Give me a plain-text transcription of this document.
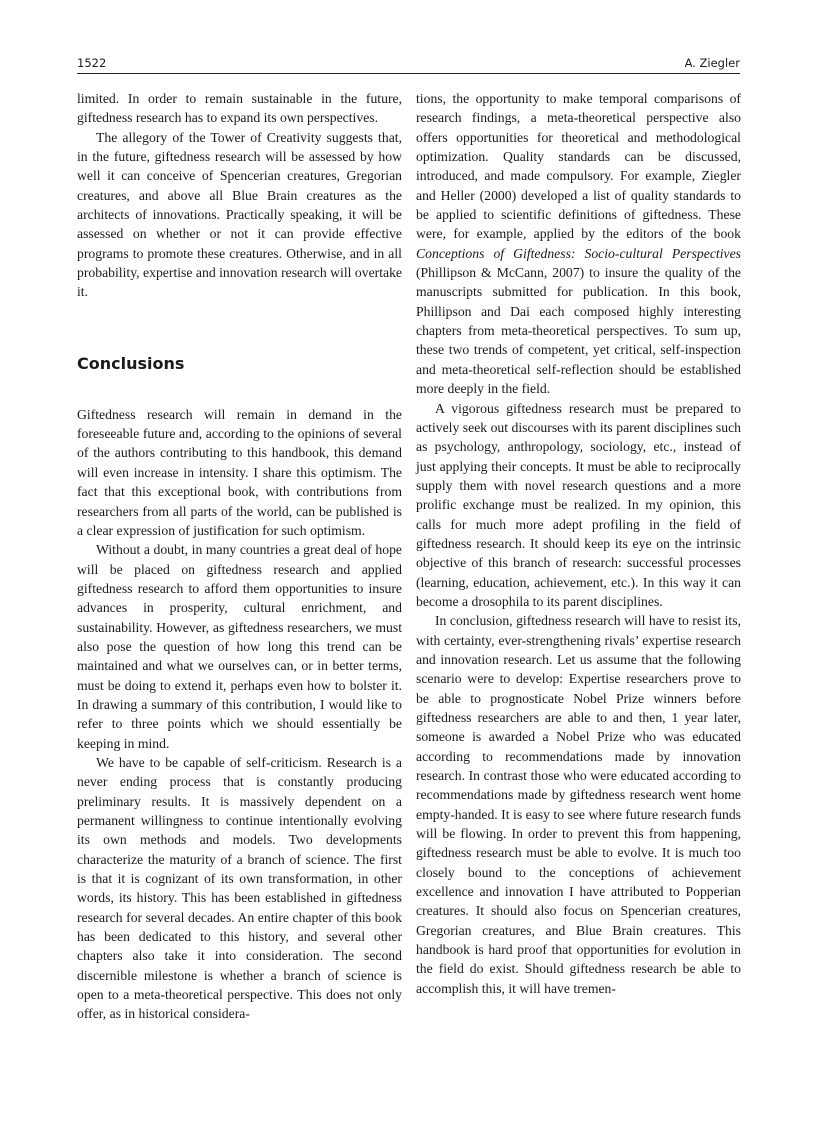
1522	A. Ziegler

limited. In order to remain sustainable in the future, giftedness research has to expand its own perspectives.

The allegory of the Tower of Creativity suggests that, in the future, giftedness research will be assessed by how well it can conceive of Spencerian creatures, Gregorian creatures, and above all Blue Brain creatures as the architects of innovations. Practically speaking, it will be assessed on whether or not it can provide effective programs to promote these creatures. Otherwise, and in all probability, expertise and innovation research will overtake it.

Conclusions

Giftedness research will remain in demand in the foreseeable future and, according to the opinions of several of the authors contributing to this handbook, this demand will even increase in intensity. I share this optimism. The fact that this exceptional book, with contributions from researchers from all parts of the world, can be published is a clear expression of justification for such optimism.

Without a doubt, in many countries a great deal of hope will be placed on giftedness research and applied giftedness research to afford them opportunities to insure advances in prosperity, cultural enrichment, and sustainability. However, as giftedness researchers, we must also pose the question of how long this trend can be maintained and what we ourselves can, or in better terms, must be doing to extend it, perhaps even how to bolster it. In drawing a summary of this contribution, I would like to refer to three points which we should essentially be keeping in mind.

We have to be capable of self-criticism. Research is a never ending process that is constantly producing preliminary results. It is massively dependent on a permanent willingness to continue intentionally evolving its own methods and models. Two developments characterize the maturity of a branch of science. The first is that it is cognizant of its own transformation, in other words, its history. This has been established in giftedness research for several decades. An entire chapter of this book has been dedicated to this history, and several other chapters also take it into consideration. The second discernible milestone is whether a branch of science is open to a meta-theoretical perspective. This does not only offer, as in historical considera-

tions, the opportunity to make temporal comparisons of research findings, a meta-theoretical perspective also offers opportunities for theoretical and methodological optimization. Quality standards can be discussed, introduced, and made compulsory. For example, Ziegler and Heller (2000) developed a list of quality standards to be applied to scientific definitions of giftedness. These were, for example, applied by the editors of the book Conceptions of Giftedness: Socio-cultural Perspectives (Phillipson & McCann, 2007) to insure the quality of the manuscripts submitted for publication. In this book, Phillipson and Dai each composed highly interesting chapters from meta-theoretical perspectives. To sum up, these two trends of competent, yet critical, self-inspection and meta-theoretical self-reflection should be established more deeply in the field.

A vigorous giftedness research must be prepared to actively seek out discourses with its parent disciplines such as psychology, anthropology, sociology, etc., instead of just applying their concepts. It must be able to reciprocally supply them with novel research questions and a more prolific exchange must be realized. In my opinion, this calls for much more adept profiling in the field of giftedness research. It should keep its eye on the intrinsic objective of this branch of research: successful processes (learning, education, achievement, etc.). In this way it can become a drosophila to its parent disciplines.

In conclusion, giftedness research will have to resist its, with certainty, ever-strengthening rivals’ expertise research and innovation research. Let us assume that the following scenario were to develop: Expertise researchers prove to be able to prognosticate Nobel Prize winners before giftedness researchers are able to and then, 1 year later, someone is awarded a Nobel Prize who was educated according to recommendations made by innovation research. In contrast those who were educated according to recommendations made by giftedness research went home empty-handed. It is easy to see where future research funds will be flowing. In order to prevent this from happening, giftedness research must be able to evolve. It is much too closely bound to the conceptions of achievement excellence and innovation I have attributed to Popperian creatures. It should also focus on Spencerian creatures, Gregorian creatures, and Blue Brain creatures. This handbook is hard proof that opportunities for evolution in the field do exist. Should giftedness research be able to accomplish this, it will have tremen-
